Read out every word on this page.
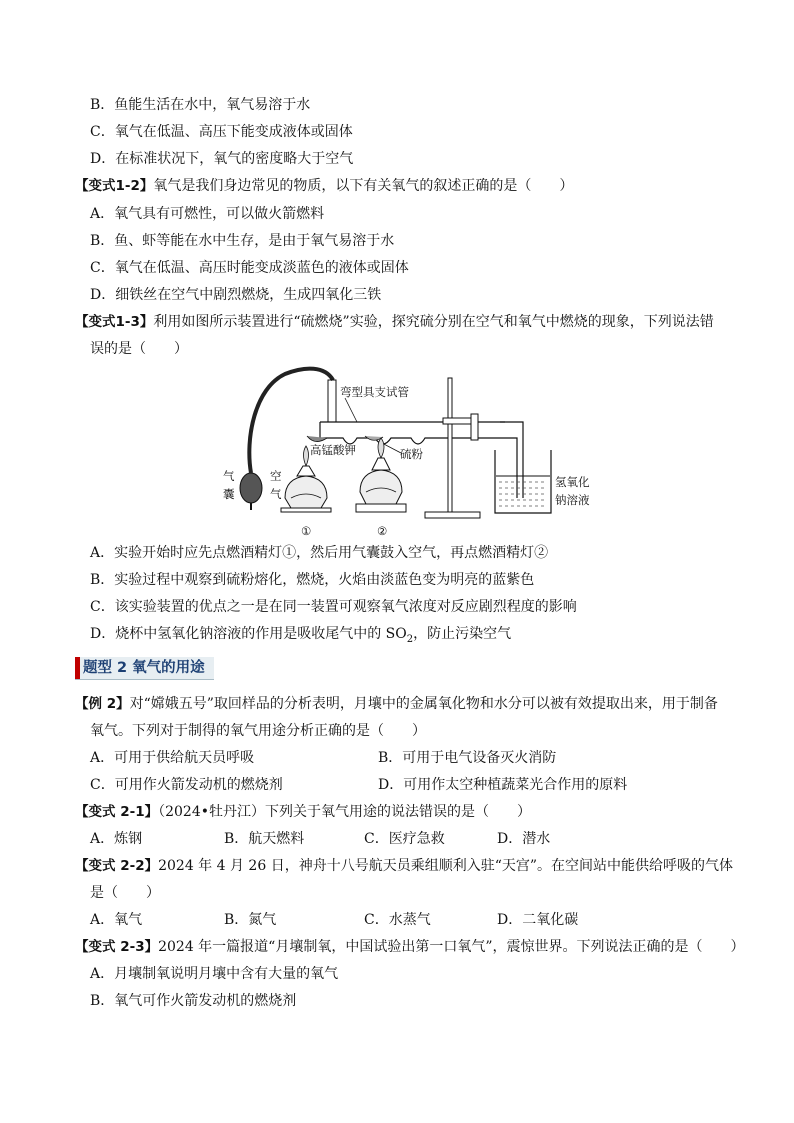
B．鱼能生活在水中，氧气易溶于水
C．氧气在低温、高压下能变成液体或固体
D．在标准状况下，氧气的密度略大于空气
【变式1-2】氧气是我们身边常见的物质，以下有关氧气的叙述正确的是（　　）
A．氧气具有可燃性，可以做火箭燃料
B．鱼、虾等能在水中生存，是由于氧气易溶于水
C．氧气在低温、高压时能变成淡蓝色的液体或固体
D．细铁丝在空气中剧烈燃烧，生成四氧化三铁
【变式1-3】利用如图所示装置进行“硫燃烧”实验，探究硫分别在空气和氧气中燃烧的现象，下列说法错
误的是（　　）
气
囊
空
气
弯型具支试管
高锰酸钾	硫粉
①	②
氢氧化
钠溶液
A．实验开始时应先点燃酒精灯①，然后用气囊鼓入空气，再点燃酒精灯②
B．实验过程中观察到硫粉熔化，燃烧，火焰由淡蓝色变为明亮的蓝紫色
C．该实验装置的优点之一是在同一装置可观察氧气浓度对反应剧烈程度的影响
D．烧杯中氢氧化钠溶液的作用是吸收尾气中的 $SO_2$，防止污染空气
题型 2 氧气的用途
【例 2】对“嫦娥五号”取回样品的分析表明，月壤中的金属氧化物和水分可以被有效提取出来，用于制备
氧气。下列对于制得的氧气用途分析正确的是（　　）
A．可用于供给航天员呼吸	B．可用于电气设备灭火消防
C．可用作火箭发动机的燃烧剂	D．可用作太空种植蔬菜光合作用的原料
【变式 2-1】（2024•牡丹江）下列关于氧气用途的说法错误的是（　　）
A．炼钢	B．航天燃料	C．医疗急救	D．潜水
【变式 2-2】2024 年 4 月 26 日，神舟十八号航天员乘组顺利入驻“天宫”。在空间站中能供给呼吸的气体
是（　　）
A．氧气	B．氮气	C．水蒸气	D．二氧化碳
【变式 2-3】2024 年一篇报道“月壤制氧，中国试验出第一口氧气”，震惊世界。下列说法正确的是（　　）
A．月壤制氧说明月壤中含有大量的氧气
B．氧气可作火箭发动机的燃烧剂
